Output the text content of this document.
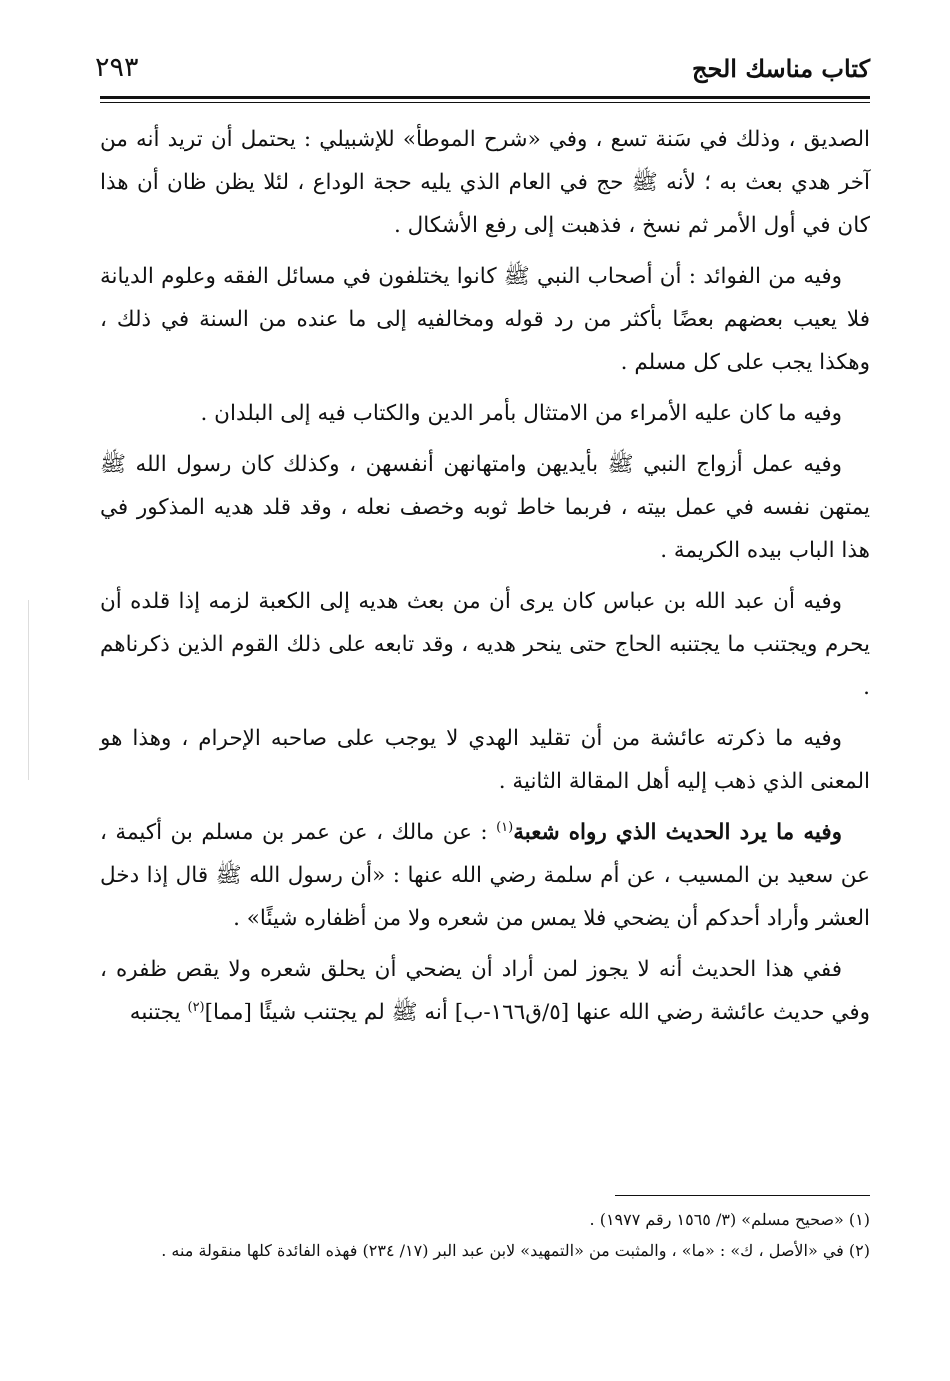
كتاب مناسك الحج
٢٩٣

الصديق ، وذلك في سَنة تسع ، وفي «شرح الموطأ» للإشبيلي : يحتمل أن تريد أنه من آخر هدي بعث به ؛ لأنه ﷺ حج في العام الذي يليه حجة الوداع ، لئلا يظن ظان أن هذا كان في أول الأمر ثم نسخ ، فذهبت إلى رفع الأشكال .

وفيه من الفوائد : أن أصحاب النبي ﷺ كانوا يختلفون في مسائل الفقه وعلوم الديانة فلا يعيب بعضهم بعضًا بأكثر من رد قوله ومخالفيه إلى ما عنده من السنة في ذلك ، وهكذا يجب على كل مسلم .

وفيه ما كان عليه الأمراء من الامتثال بأمر الدين والكتاب فيه إلى البلدان .

وفيه عمل أزواج النبي ﷺ بأيديهن وامتهانهن أنفسهن ، وكذلك كان رسول الله ﷺ يمتهن نفسه في عمل بيته ، فربما خاط ثوبه وخصف نعله ، وقد قلد هديه المذكور في هذا الباب بيده الكريمة .

وفيه أن عبد الله بن عباس كان يرى أن من بعث هديه إلى الكعبة لزمه إذا قلده أن يحرم ويجتنب ما يجتنبه الحاج حتى ينحر هديه ، وقد تابعه على ذلك القوم الذين ذكرناهم .

وفيه ما ذكرته عائشة من أن تقليد الهدي لا يوجب على صاحبه الإحرام ، وهذا هو المعنى الذي ذهب إليه أهل المقالة الثانية .

وفيه ما يرد الحديث الذي رواه شعبة$^{(١)}$ : عن مالك ، عن عمر بن مسلم بن أكيمة ، عن سعيد بن المسيب ، عن أم سلمة رضي الله عنها : «أن رسول الله ﷺ قال إذا دخل العشر وأراد أحدكم أن يضحي فلا يمس من شعره ولا من أظفاره شيئًا» .

ففي هذا الحديث أنه لا يجوز لمن أراد أن يضحي أن يحلق شعره ولا يقص ظفره ، وفي حديث عائشة رضي الله عنها [٥/ق١٦٦-ب] أنه ﷺ لم يجتنب شيئًا [مما]$^{(٢)}$ يجتنبه

(١) «صحيح مسلم» (٣/ ١٥٦٥ رقم ١٩٧٧) .

(٢) في «الأصل ، ك» : «ما» ، والمثبت من «التمهيد» لابن عبد البر (١٧/ ٢٣٤) فهذه الفائدة كلها منقولة منه .
